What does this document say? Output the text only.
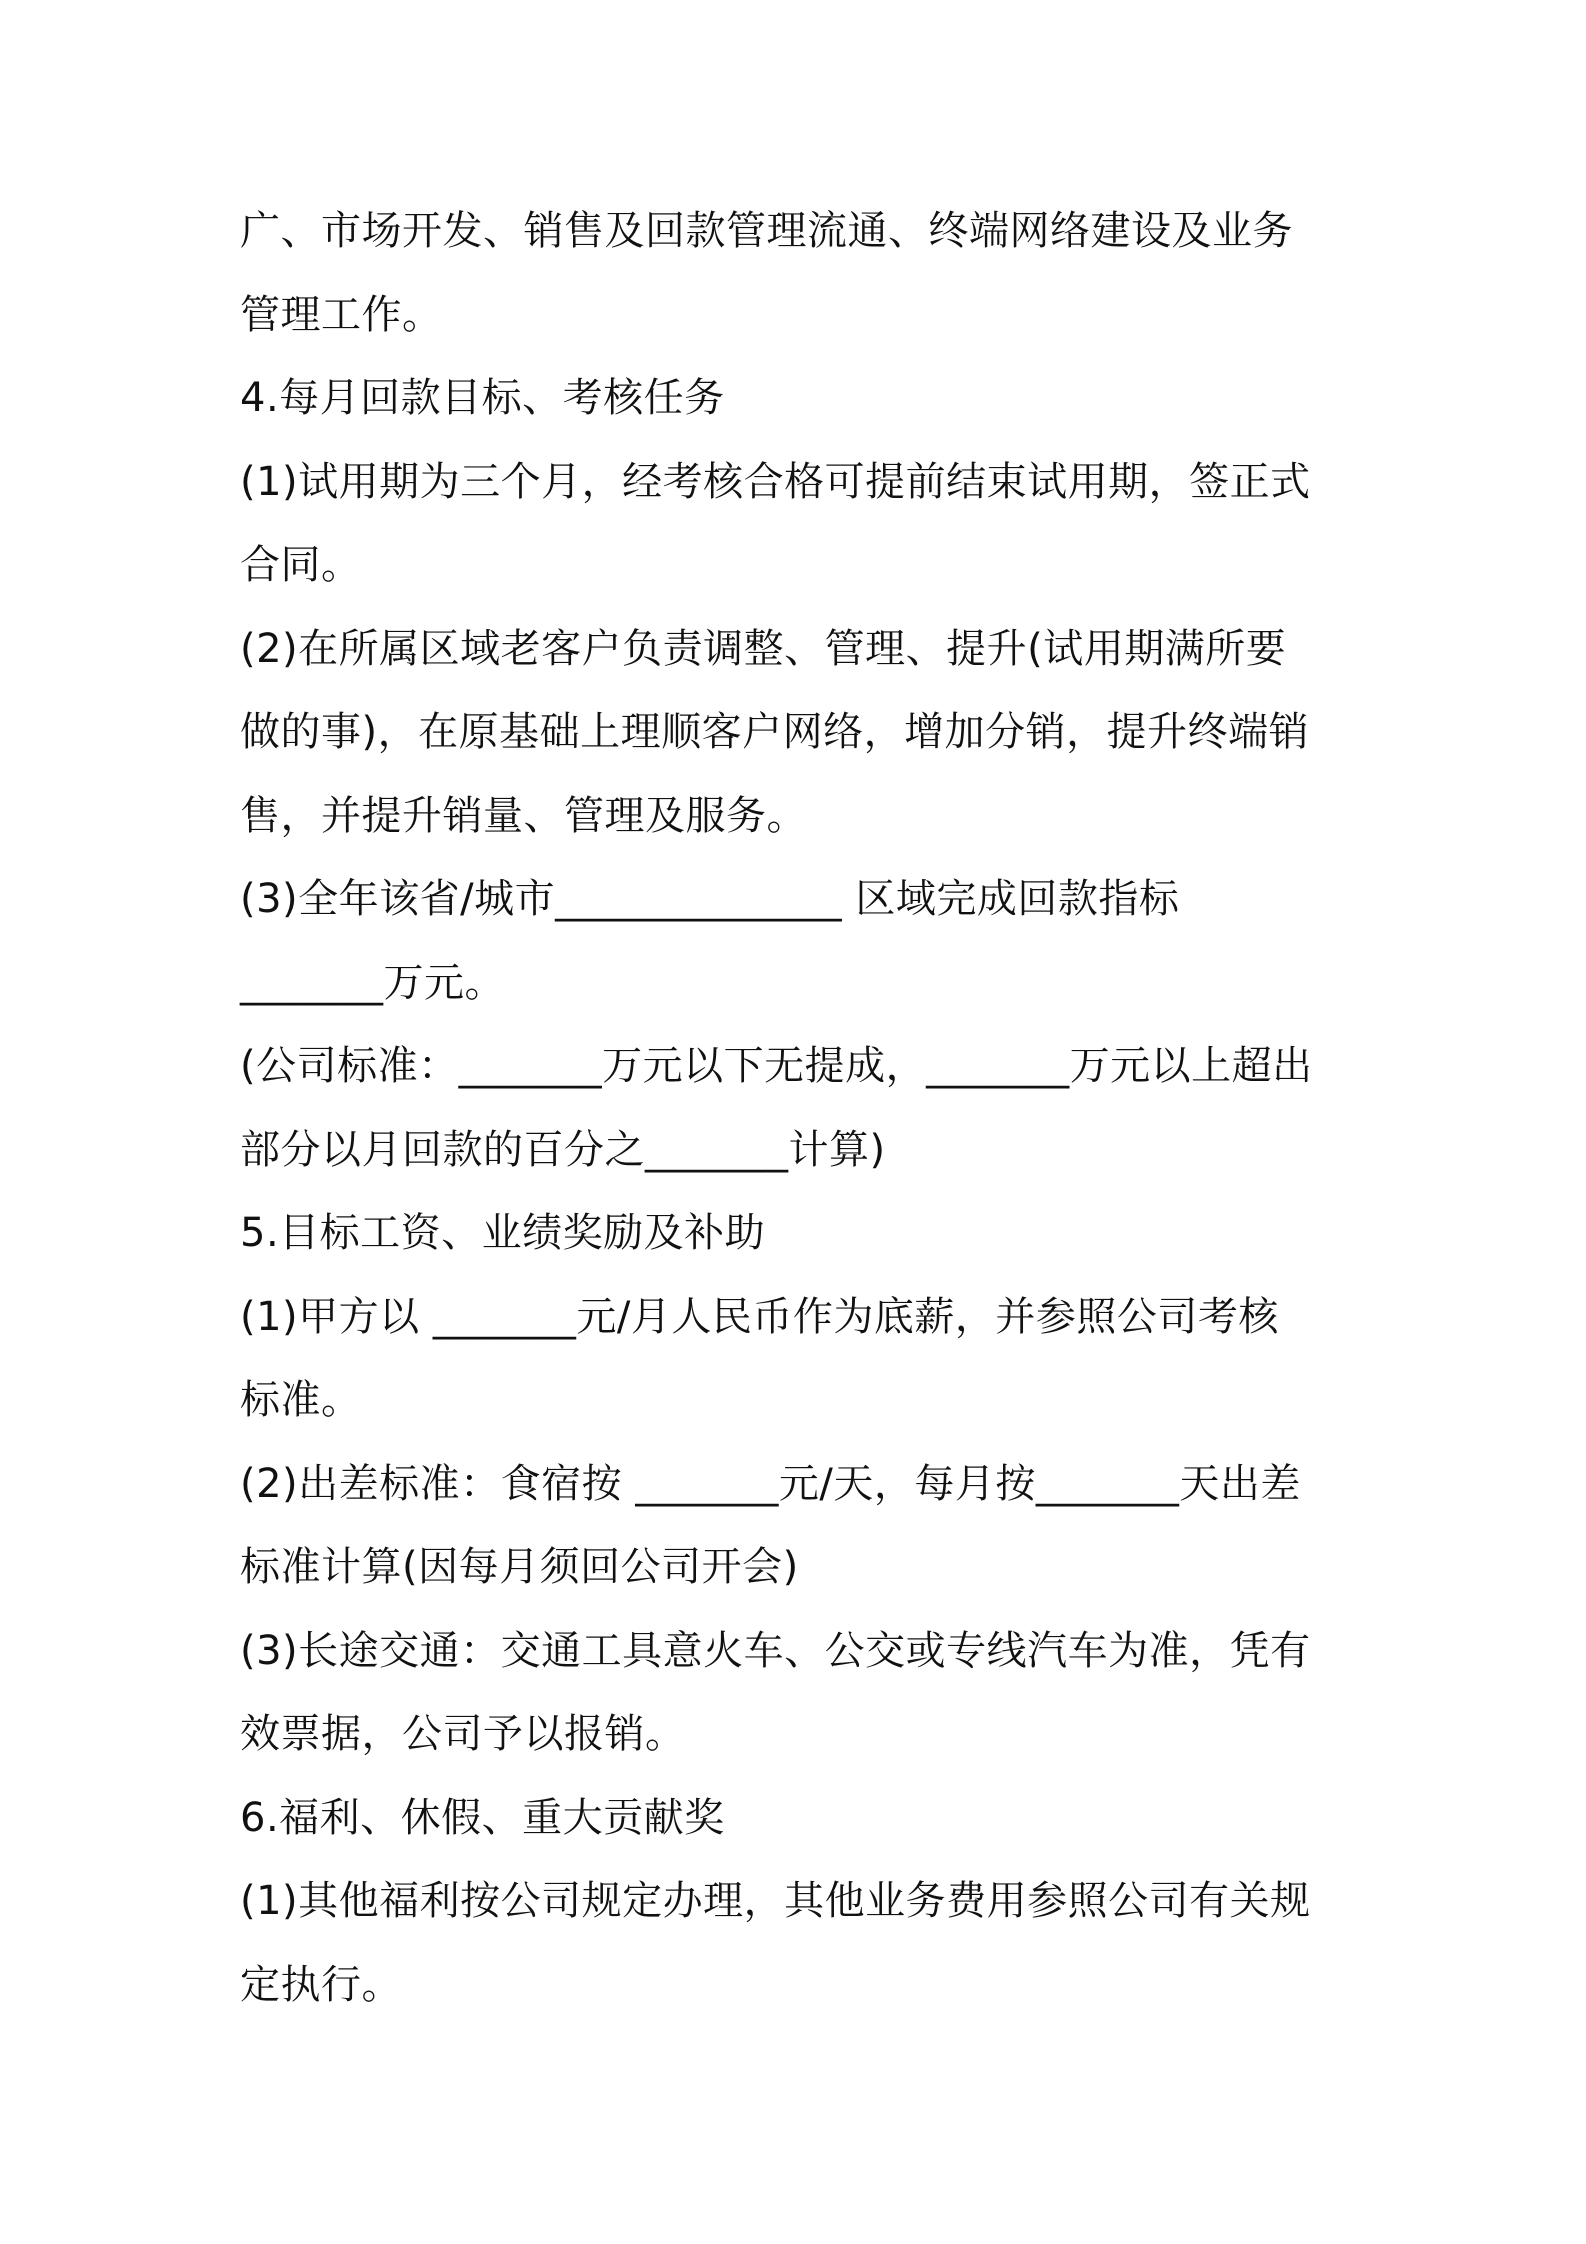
广、市场开发、销售及回款管理流通、终端网络建设及业务
管理工作。
4.每月回款目标、考核任务
(1)试用期为三个月，经考核合格可提前结束试用期，签正式
合同。
(2)在所属区域老客户负责调整、管理、提升(试用期满所要
做的事)，在原基础上理顺客户网络，增加分销，提升终端销
售，并提升销量、管理及服务。
(3)全年该省/城市______________ 区域完成回款指标
_______万元。
(公司标准：_______万元以下无提成，_______万元以上超出
部分以月回款的百分之_______计算)
5.目标工资、业绩奖励及补助
(1)甲方以 _______元/月人民币作为底薪，并参照公司考核
标准。
(2)出差标准：食宿按 _______元/天，每月按_______天出差
标准计算(因每月须回公司开会)
(3)长途交通：交通工具意火车、公交或专线汽车为准，凭有
效票据，公司予以报销。
6.福利、休假、重大贡献奖
(1)其他福利按公司规定办理，其他业务费用参照公司有关规
定执行。
